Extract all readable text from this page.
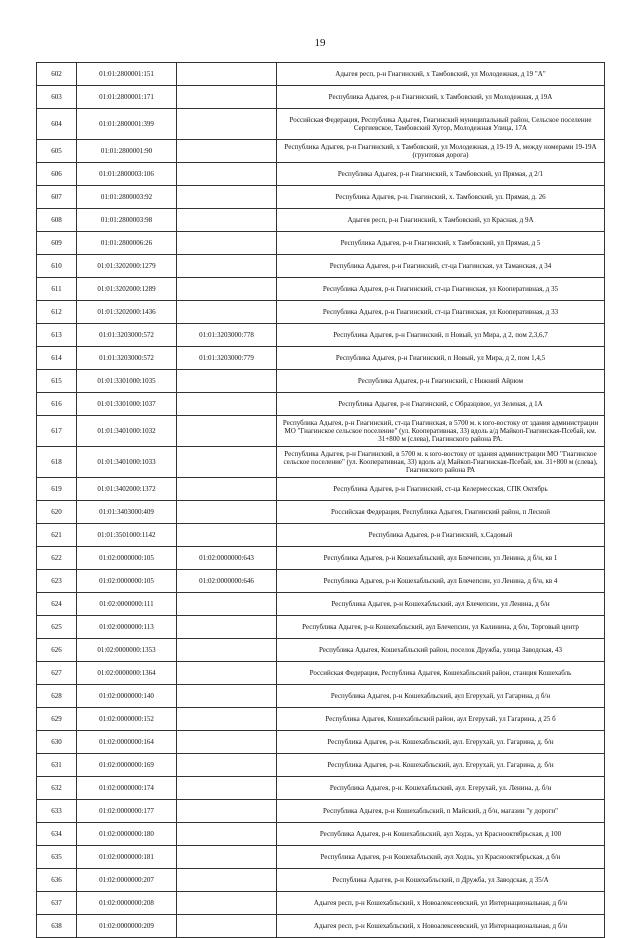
19
602	01:01:2800001:151		Адыгея респ, р-н Гиагинский, х Тамбовский, ул Молодежная, д 19 "А"
603	01:01:2800001:171		Республика Адыгея, р-н Гиагинский, х Тамбовский, ул Молодежная, д 19А
604	01:01:2800001:399		Российская Федерация, Республика Адыгея, Гиагинский муниципальный район, Сельское поселение Сергиевское, Тамбовский Хутор, Молодежная Улица, 17А
605	01:01:2800001:90		Республика Адыгея, р-н Гиагинский, х Тамбовский, ул Молодежная, д 19-19 А, между номерами 19-19А (грунтовая дорога)
606	01:01:2800003:106		Республика Адыгея, р-н Гиагинский, х Тамбовский, ул Прямая, д 2/1
607	01:01:2800003:92		Республика Адыгея, р-н. Гиагинский, х. Тамбовский, ул. Прямая, д. 26
608	01:01:2800003:98		Адыгея респ, р-н Гиагинский, х Тамбовский, ул Красная, д 9А
609	01:01:2800006:26		Республика Адыгея, р-н Гиагинский, х Тамбовский, ул Прямая, д 5
610	01:01:3202000:1279		Республика Адыгея, р-н Гиагинский, ст-ца Гиагинская, ул Таманская, д 34
611	01:01:3202000:1289		Республика Адыгея, р-н Гиагинский, ст-ца Гиагинская, ул Кооперативная, д 35
612	01:01:3202000:1436		Республика Адыгея, р-н Гиагинский, ст-ца Гиагинская, ул Кооперативная, д 33
613	01:01:3203000:572	01:01:3203000:778	Республика Адыгея, р-н Гиагинский, п Новый, ул Мира, д 2, пом 2,3,6,7
614	01:01:3203000:572	01:01:3203000:779	Республика Адыгея, р-н Гиагинский, п Новый, ул Мира, д 2, пом 1,4,5
615	01:01:3301000:1035		Республика Адыгея, р-н Гиагинский, с Нижний Айрюм
616	01:01:3301000:1037		Республика Адыгея, р-н Гиагинский, с Образцовое, ул Зеленая, д 1А
617	01:01:3401000:1032		Республика Адыгея, р-н Гиагинский, ст-ца Гиагинская, в 5700 м. к юго-востоку от здания администрации МО "Гиагинское сельское поселение" (ул. Кооперативная, 33) вдоль а/д Майкоп-Гиагинская-Псебай, км. 31+800 м (слева), Гиагинского района РА.
618	01:01:3401000:1033		Республика Адыгея, р-н Гиагинский, в 5700 м. к юго-востоку от здания администрации МО "Гиагинское сельское поселение" (ул. Кооперативная, 33) вдоль а/д Майкоп-Гиагинская-Псебай, км. 31+800 м (слева), Гиагинского района РА
619	01:01:3402000:1372		Республика Адыгея, р-н Гиагинский, ст-ца Келермесская, СПК Октябрь
620	01:01:3403000:409		Российская Федерация, Республика Адыгея, Гиагинский район, п Лесной
621	01:01:3501000:1142		Республика Адыгея, р-н Гиагинский, х.Садовый
622	01:02:0000000:105	01:02:0000000:643	Республика Адыгея, р-н Кошехабльский, аул Блечепсин, ул Ленина, д б/н, кв 1
623	01:02:0000000:105	01:02:0000000:646	Республика Адыгея, р-н Кошехабльский, аул Блечепсин, ул Ленина, д б/н, кв 4
624	01:02:0000000:111		Республика Адыгея, р-н Кошехабльский, аул Блечепсин, ул Ленина, д б/н
625	01:02:0000000:113		Республика Адыгея, р-н Кошехабльский, аул Блечепсин, ул Калинина, д б/н, Торговый центр
626	01:02:0000000:1353		Республика Адыгея, Кошехабльский район, поселок Дружба, улица Заводская, 43
627	01:02:0000000:1364		Российская Федерация, Республика Адыгея, Кошехабльский район, станция Кошехабль
628	01:02:0000000:140		Республика Адыгея, р-н Кошехабльский, аул Егерухай, ул Гагарина, д б/н
629	01:02:0000000:152		Республика Адыгея, Кошехабльский район, аул Егерухай, ул Гагарина, д 25 б
630	01:02:0000000:164		Республика Адыгея, р-н. Кошехабльский, аул. Егерухай, ул. Гагарина, д. б/н
631	01:02:0000000:169		Республика Адыгея, р-н. Кошехабльский, аул. Егерухай, ул. Гагарина, д. б/н
632	01:02:0000000:174		Республика Адыгея, р-н. Кошехабльский, аул. Егерухай, ул. Ленина, д. б/н
633	01:02:0000000:177		Республика Адыгея, р-н Кошехабльский, п Майский, д б/н, магазин "у дороги"
634	01:02:0000000:180		Республика Адыгея, р-н Кошехабльский, аул Ходзь, ул Красноoктябрьская, д 100
635	01:02:0000000:181		Республика Адыгея, р-н Кошехабльский, аул Ходзь, ул Красноoктябрьская, д б/н
636	01:02:0000000:207		Республика Адыгея, р-н Кошехабльский, п Дружба, ул Заводская, д 35/А
637	01:02:0000000:208		Адыгея респ, р-н Кошехабльский, х Новоалексеевский, ул Интернациональная, д б/н
638	01:02:0000000:209		Адыгея респ, р-н Кошехабльский, х Новоалексеевский, ул Интернациональная, д б/н
